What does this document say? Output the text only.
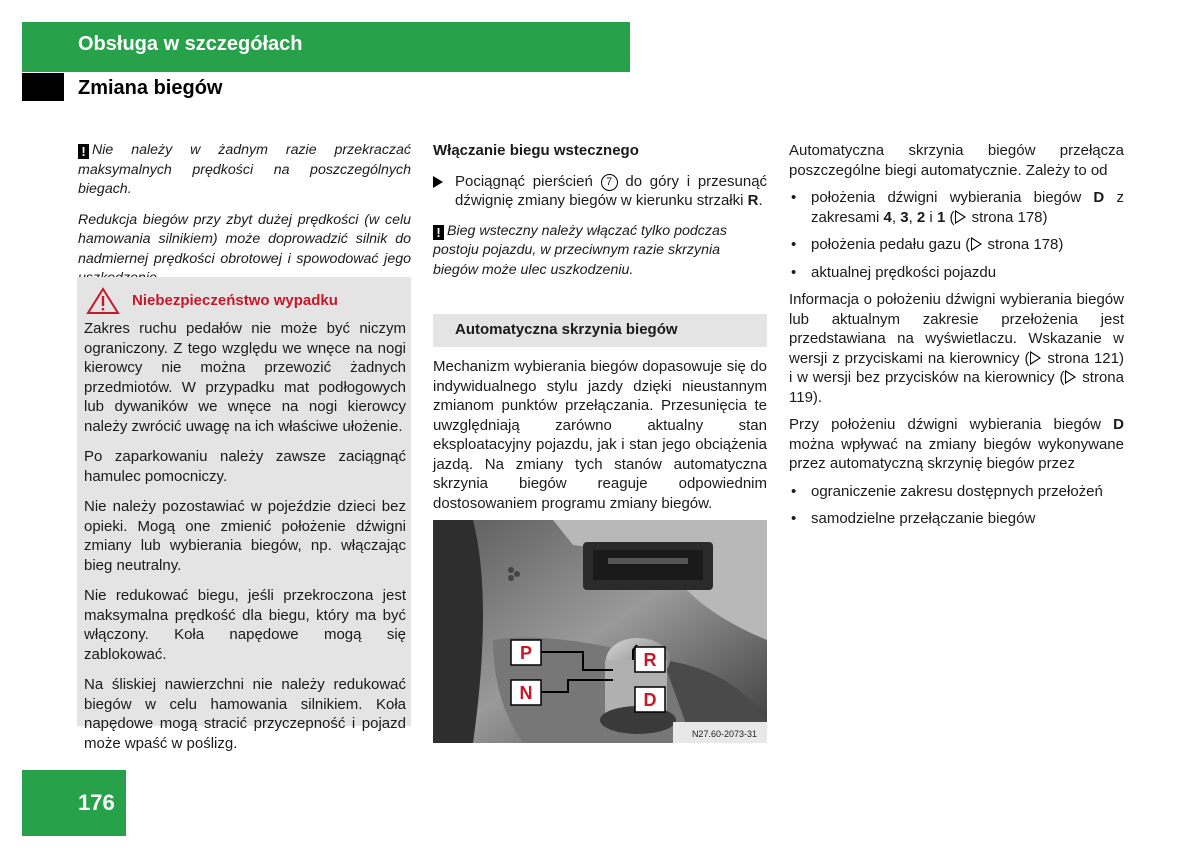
Obsługa w szczegółach
Zmiana biegów

! Nie należy w żadnym razie przekraczać maksymalnych prędkości na poszczególnych biegach.

Redukcja biegów przy zbyt dużej prędkości (w celu hamowania silnikiem) może doprowadzić silnik do nadmiernej prędkości obrotowej i spowodować jego

Niebezpieczeństwo wypadku

Zakres ruchu pedałów nie może być niczym ograniczony. Z tego względu we wnęce na nogi kierowcy nie można przewozić żadnych przedmiotów. W przypadku mat podłogowych lub dywaników we wnęce na nogi kierowcy należy zwrócić uwagę na ich właściwe ułożenie.

Po zaparkowaniu należy zawsze zaciągnąć hamulec pomocniczy.

Nie należy pozostawiać w pojeździe dzieci bez opieki. Mogą one zmienić położenie dźwigni zmiany lub wybierania biegów, np. włączając bieg neutralny.

Nie redukować biegu, jeśli przekroczona jest maksymalna prędkość dla biegu, który ma być włączony. Koła napędowe mogą się zablokować.

Na śliskiej nawierzchni nie należy redukować biegów w celu hamowania silnikiem. Koła napędowe mogą stracić przyczepność i pojazd może wpaść w poślizg.

Włączanie biegu wstecznego

Pociągnąć pierścień 7 do góry i przesunąć dźwignię zmiany biegów w kierunku strzałki R.

! Bieg wsteczny należy włączać tylko podczas postoju pojazdu, w przeciwnym razie skrzynia biegów może ulec uszkodzeniu.

Automatyczna skrzynia biegów
Mechanizm wybierania biegów dopasowuje się do indywidualnego stylu jazdy dzięki nieustannym zmianom punktów przełączania. Przesunięcia te uwzględniają zarówno aktualny stan eksploatacyjny pojazdu, jak i stan jego obciążenia jazdą. Na zmiany tych stanów automatyczna skrzynia biegów reaguje odpowiednim dostosowaniem programu zmiany biegów.
P
N
R
D
N27.60-2073-31

Automatyczna skrzynia biegów przełącza poszczególne biegi automatycznie. Zależy to od

• położenia dźwigni wybierania biegów D z zakresami 4, 3, 2 i 1 ( strona 178)
• położenia pedału gazu ( strona 178)
• aktualnej prędkości pojazdu

Informacja o położeniu dźwigni wybierania biegów lub aktualnym zakresie przełożenia jest przedstawiana na wyświetlaczu. Wskazanie w wersji z przyciskami na kierownicy ( strona 121) i w wersji bez przycisków na kierownicy ( strona 119).

Przy położeniu dźwigni wybierania biegów D można wpływać na zmiany biegów wykonywane przez automatyczną skrzynię biegów przez

• ograniczenie zakresu dostępnych przełożeń
• samodzielne przełączanie biegów
176
